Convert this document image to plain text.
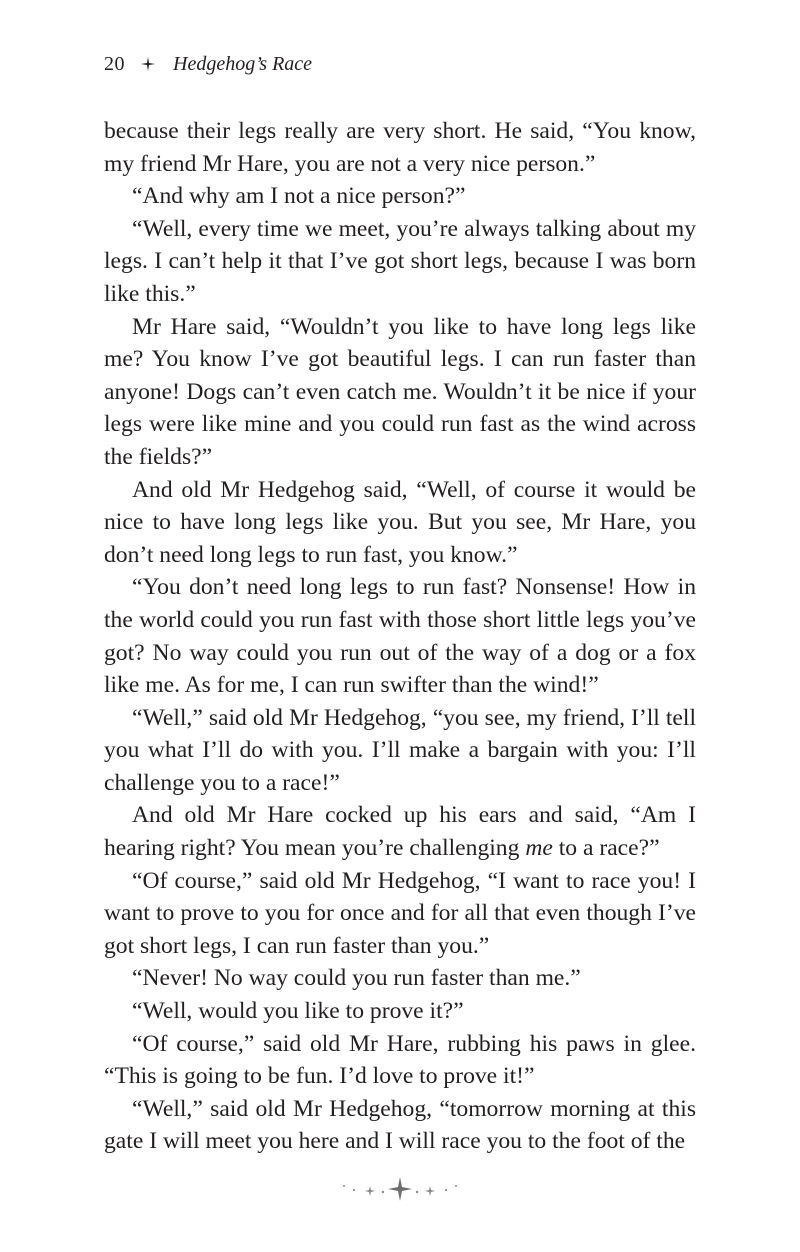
20 Hedgehog’s Race

because their legs really are very short. He said, “You know, my friend Mr Hare, you are not a very nice person.”

“And why am I not a nice person?”

“Well, every time we meet, you’re always talking about my legs. I can’t help it that I’ve got short legs, because I was born like this.”

Mr Hare said, “Wouldn’t you like to have long legs like me? You know I’ve got beautiful legs. I can run faster than anyone! Dogs can’t even catch me. Wouldn’t it be nice if your legs were like mine and you could run fast as the wind across the fields?”

And old Mr Hedgehog said, “Well, of course it would be nice to have long legs like you. But you see, Mr Hare, you don’t need long legs to run fast, you know.”

“You don’t need long legs to run fast? Nonsense! How in the world could you run fast with those short little legs you’ve got? No way could you run out of the way of a dog or a fox like me. As for me, I can run swifter than the wind!”

“Well,” said old Mr Hedgehog, “you see, my friend, I’ll tell you what I’ll do with you. I’ll make a bargain with you: I’ll challenge you to a race!”

And old Mr Hare cocked up his ears and said, “Am I hearing right? You mean you’re challenging me to a race?”

“Of course,” said old Mr Hedgehog, “I want to race you! I want to prove to you for once and for all that even though I’ve got short legs, I can run faster than you.”

“Never! No way could you run faster than me.”

“Well, would you like to prove it?”

“Of course,” said old Mr Hare, rubbing his paws in glee. “This is going to be fun. I’d love to prove it!”

“Well,” said old Mr Hedgehog, “tomorrow morning at this gate I will meet you here and I will race you to the foot of the
